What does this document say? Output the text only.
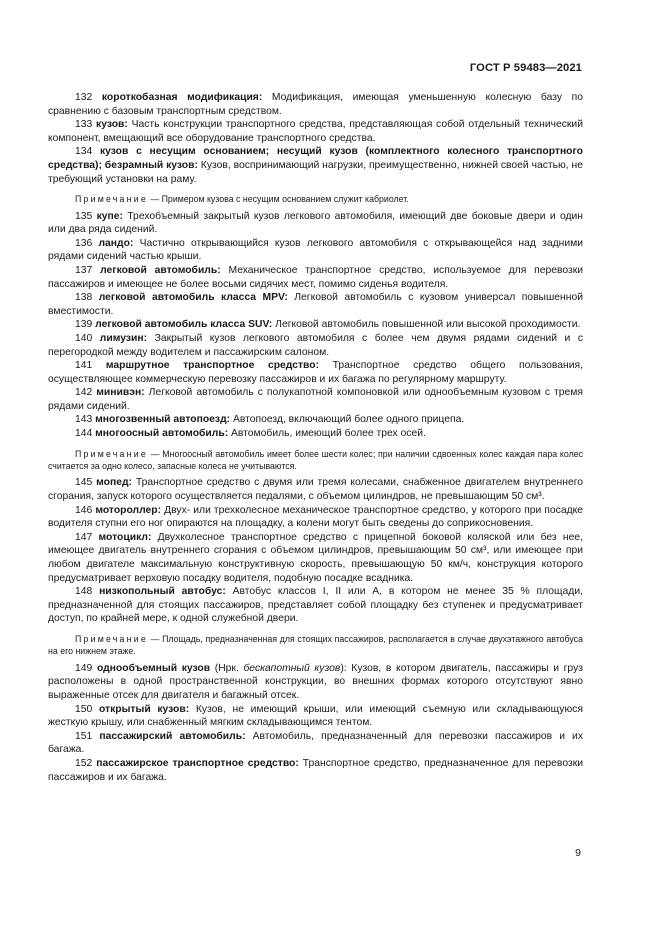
ГОСТ Р 59483—2021

132 короткобазная модификация: Модификация, имеющая уменьшенную колесную базу по сравнению с базовым транспортным средством.

133 кузов: Часть конструкции транспортного средства, представляющая собой отдельный технический компонент, вмещающий все оборудование транспортного средства.

134 кузов с несущим основанием; несущий кузов (комплектного колесного транспортного средства); безрамный кузов: Кузов, воспринимающий нагрузки, преимущественно, нижней своей частью, не требующий установки на раму.

Примечание — Примером кузова с несущим основанием служит кабриолет.

135 купе: Трехобъемный закрытый кузов легкового автомобиля, имеющий две боковые двери и один или два ряда сидений.

136 ландо: Частично открывающийся кузов легкового автомобиля с открывающейся над задними рядами сидений частью крыши.

137 легковой автомобиль: Механическое транспортное средство, используемое для перевозки пассажиров и имеющее не более восьми сидячих мест, помимо сиденья водителя.

138 легковой автомобиль класса MPV: Легковой автомобиль с кузовом универсал повышенной вместимости.

139 легковой автомобиль класса SUV: Легковой автомобиль повышенной или высокой проходимости.

140 лимузин: Закрытый кузов легкового автомобиля с более чем двумя рядами сидений и с перегородкой между водителем и пассажирским салоном.

141 маршрутное транспортное средство: Транспортное средство общего пользования, осуществляющее коммерческую перевозку пассажиров и их багажа по регулярному маршруту.

142 минивэн: Легковой автомобиль с полукапотной компоновкой или однообъемным кузовом с тремя рядами сидений.

143 многозвенный автопоезд: Автопоезд, включающий более одного прицепа.

144 многоосный автомобиль: Автомобиль, имеющий более трех осей.

Примечание — Многоосный автомобиль имеет более шести колес; при наличии сдвоенных колес каждая пара колес считается за одно колесо, запасные колеса не учитываются.

145 мопед: Транспортное средство с двумя или тремя колесами, снабженное двигателем внутреннего сгорания, запуск которого осуществляется педалями, с объемом цилиндров, не превышающим 50 см³.

146 мотороллер: Двух- или трехколесное механическое транспортное средство, у которого при посадке водителя ступни его ног опираются на площадку, а колени могут быть сведены до соприкосновения.

147 мотоцикл: Двухколесное транспортное средство с прицепной боковой коляской или без нее, имеющее двигатель внутреннего сгорания с объемом цилиндров, превышающим 50 см³, или имеющее при любом двигателе максимальную конструктивную скорость, превышающую 50 км/ч, конструкция которого предусматривает верховую посадку водителя, подобную посадке всадника.

148 низкопольный автобус: Автобус классов I, II или A, в котором не менее 35 % площади, предназначенной для стоящих пассажиров, представляет собой площадку без ступенек и предусматривает доступ, по крайней мере, к одной служебной двери.

Примечание — Площадь, предназначенная для стоящих пассажиров, располагается в случае двухэтажного автобуса на его нижнем этаже.

149 однообъемный кузов (Нрк. бескапотный кузов): Кузов, в котором двигатель, пассажиры и груз расположены в одной пространственной конструкции, во внешних формах которого отсутствуют явно выраженные отсек для двигателя и багажный отсек.

150 открытый кузов: Кузов, не имеющий крыши, или имеющий съемную или складывающуюся жесткую крышу, или снабженный мягким складывающимся тентом.

151 пассажирский автомобиль: Автомобиль, предназначенный для перевозки пассажиров и их багажа.

152 пассажирское транспортное средство: Транспортное средство, предназначенное для перевозки пассажиров и их багажа.

9
